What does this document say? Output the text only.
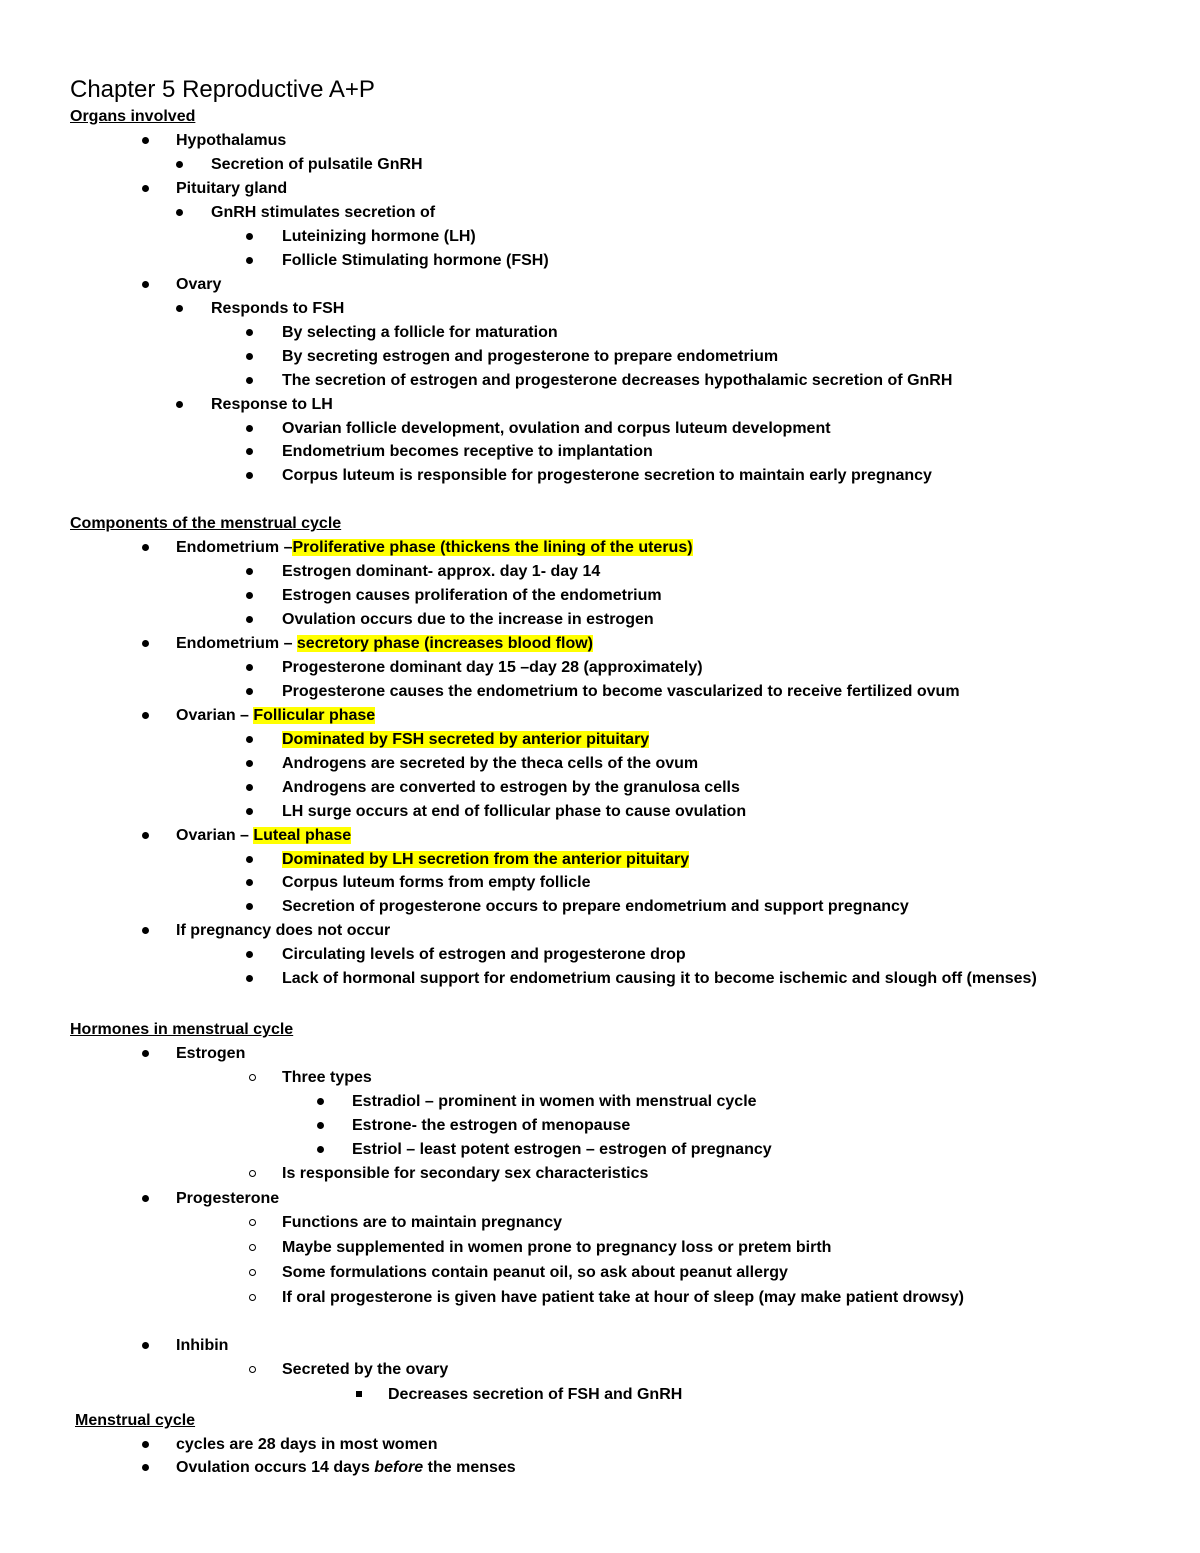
Chapter 5 Reproductive A+P
Organs involved
Hypothalamus
Secretion of pulsatile GnRH
Pituitary gland
GnRH stimulates secretion of
Luteinizing hormone (LH)
Follicle Stimulating hormone (FSH)
Ovary
Responds to FSH
By selecting a follicle for maturation
By secreting estrogen and progesterone to prepare endometrium
The secretion of estrogen and progesterone decreases hypothalamic secretion of GnRH
Response to LH
Ovarian follicle development, ovulation and corpus luteum development
Endometrium becomes receptive to implantation
Corpus luteum is responsible for progesterone secretion to maintain early pregnancy
Components of the menstrual cycle
Endometrium –Proliferative phase (thickens the lining of the uterus)
Estrogen dominant- approx. day 1- day 14
Estrogen causes proliferation of the endometrium
Ovulation occurs due to the increase in estrogen
Endometrium – secretory phase (increases blood flow)
Progesterone dominant day 15 –day 28 (approximately)
Progesterone causes the endometrium to become vascularized to receive fertilized ovum
Ovarian – Follicular phase
Dominated by FSH secreted by anterior pituitary
Androgens are secreted by the theca cells of the ovum
Androgens are converted to estrogen by the granulosa cells
LH surge occurs at end of follicular phase to cause ovulation
Ovarian – Luteal phase
Dominated by LH secretion from the anterior pituitary
Corpus luteum forms from empty follicle
Secretion of progesterone occurs to prepare endometrium and support pregnancy
If pregnancy does not occur
Circulating levels of estrogen and progesterone drop
Lack of hormonal support for endometrium causing it to become ischemic and slough off (menses)
Hormones in menstrual cycle
Estrogen
Three types
Estradiol – prominent in women with menstrual cycle
Estrone- the estrogen of menopause
Estriol – least potent estrogen – estrogen of pregnancy
Is responsible for secondary sex characteristics
Progesterone
Functions are to maintain pregnancy
Maybe supplemented in women prone to pregnancy loss or pretem birth
Some formulations contain peanut oil, so ask about peanut allergy
If oral progesterone is given have patient take at hour of sleep (may make patient drowsy)
Inhibin
Secreted by the ovary
Decreases secretion of FSH and GnRH
Menstrual cycle
cycles are 28 days in most women
Ovulation occurs 14 days before the menses
